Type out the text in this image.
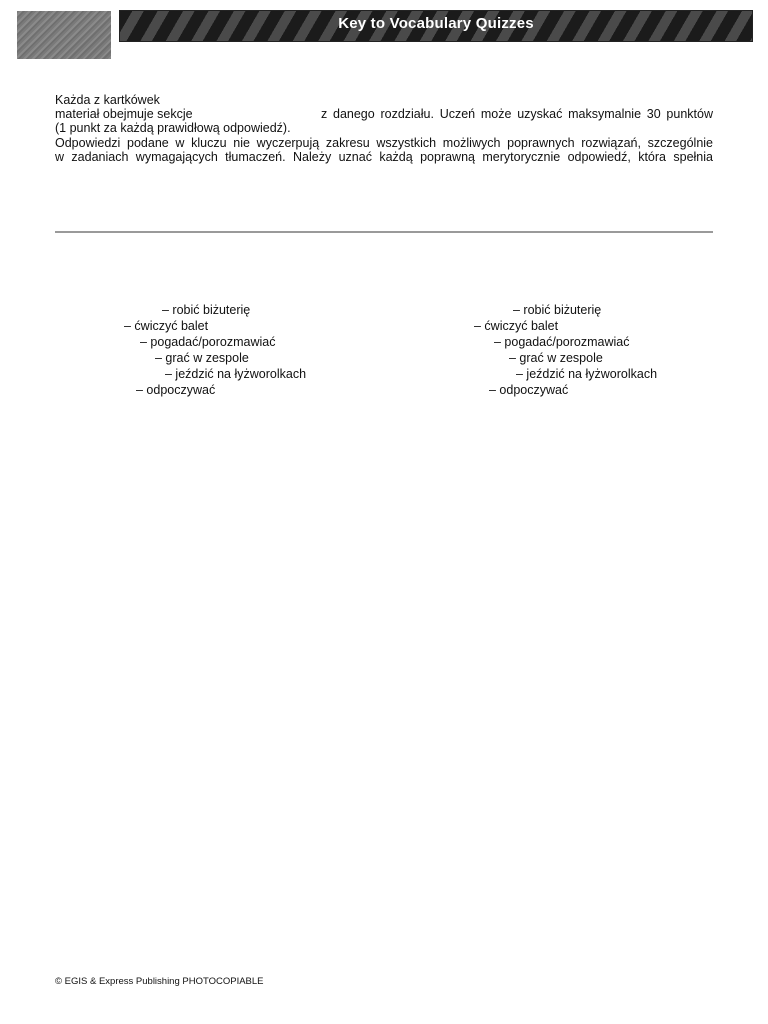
Key to Vocabulary Quizzes
Każda z kartkówek
materiał obejmuje sekcje	z danego rozdziału. Uczeń może uzyskać maksymalnie 30 punktów
(1 punkt za każdą prawidłową odpowiedź).
Odpowiedzi podane w kluczu nie wyczerpują zakresu wszystkich możliwych poprawnych rozwiązań, szczególnie
w zadaniach wymagających tłumaczeń. Należy uznać każdą poprawną merytorycznie odpowiedź, która spełnia
– robić biżuterię
– ćwiczyć balet
– pogadać/porozmawiać
– grać w zespole
– jeździć na łyżworolkach
– odpoczywać
– robić biżuterię
– ćwiczyć balet
– pogadać/porozmawiać
– grać w zespole
– jeździć na łyżworolkach
– odpoczywać
© EGIS & Express Publishing PHOTOCOPIABLE
